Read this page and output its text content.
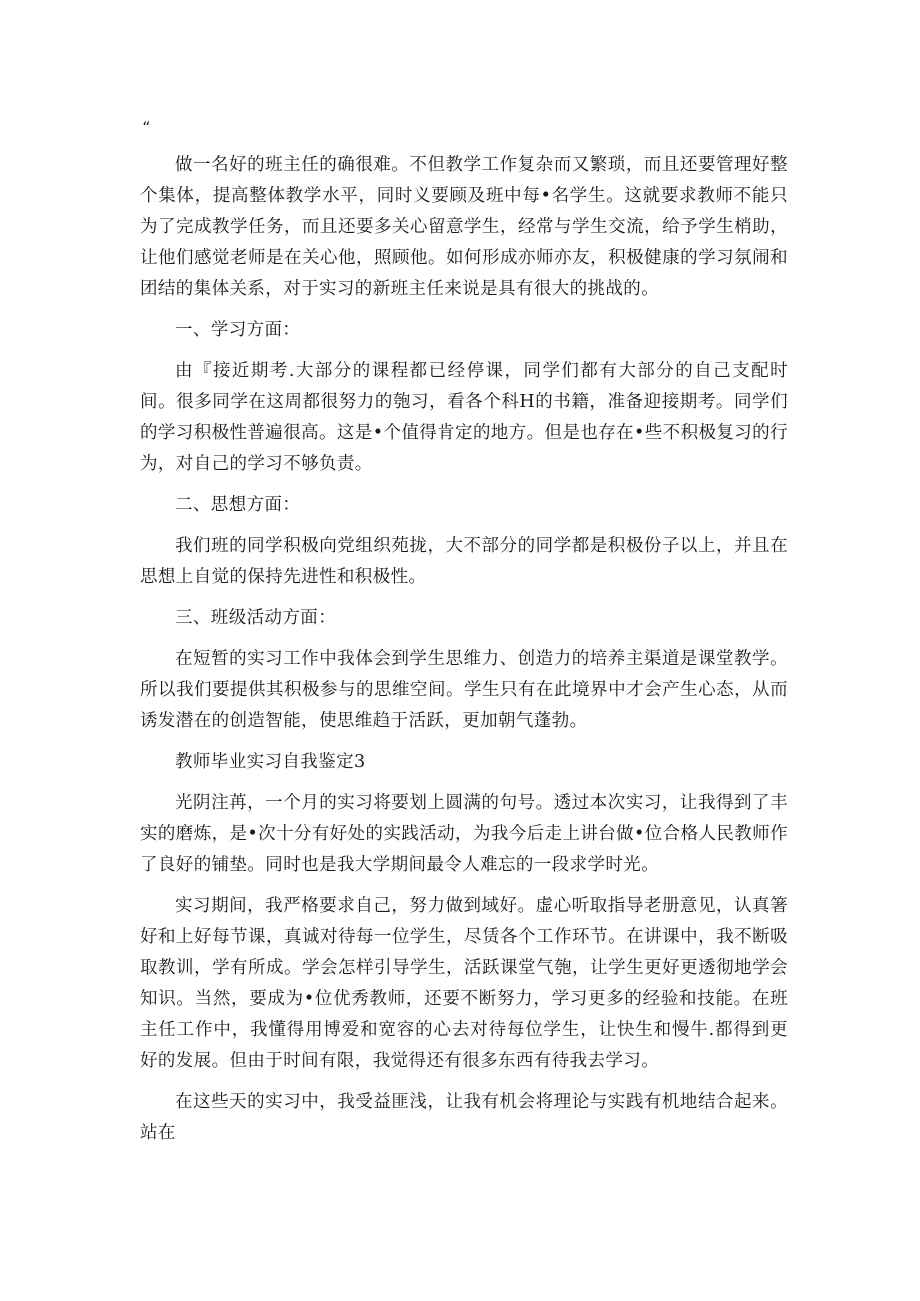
“

做一名好的班主任的确很难。不但教学工作复杂而又繁琐，而且还要管理好整个集体，提高整体教学水平，同时义要顾及班中每•名学生。这就要求教师不能只为了完成教学任务，而且还要多关心留意学生，经常与学生交流，给予学生梢助，让他们感觉老师是在关心他，照顾他。如何形成亦师亦友，积极健康的学习氛闹和团结的集体关系，对于实习的新班主任来说是具有很大的挑战的。

一、学习方面：

由『接近期考.大部分的课程都已经停课，同学们都有大部分的自己支配时间。很多同学在这周都很努力的匏习，看各个科H的书籍，准备迎接期考。同学们的学习积极性普遍很高。这是•个值得肯定的地方。但是也存在•些不积极复习的行为，对自己的学习不够负责。

二、思想方面：

我们班的同学积极向党组织苑拢，大不部分的同学都是积极份子以上，并且在思想上自觉的保持先进性和积极性。

三、班级活动方面：

在短暂的实习工作中我体会到学生思维力、创造力的培养主渠道是课堂教学。所以我们要提供其积极参与的思维空间。学生只有在此境界中才会产生心态，从而诱发潜在的创造智能，使思维趋于活跃，更加朝气蓬勃。

教师毕业实习自我鉴定3

光阴注苒，一个月的实习将要划上圆满的句号。透过本次实习，让我得到了丰实的磨炼，是•次十分有好处的实践活动，为我今后走上讲台做•位合格人民教师作了良好的铺垫。同时也是我大学期间最令人难忘的一段求学时光。

实习期间，我严格要求自己，努力做到域好。虚心听取指导老册意见，认真箸好和上好每节课，真诚对待每一位学生，尽赁各个工作环节。在讲课中，我不断吸取教训，学有所成。学会怎样引导学生，活跃课堂气匏，让学生更好更透彻地学会知识。当然，要成为•位优秀教师，还要不断努力，学习更多的经验和技能。在班主任工作中，我懂得用博爱和宽容的心去对待每位学生，让快生和慢牛.都得到更好的发展。但由于时间有限，我觉得还有很多东西有待我去学习。

在这些天的实习中，我受益匪浅，让我有机会将理论与实践有机地结合起来。站在
